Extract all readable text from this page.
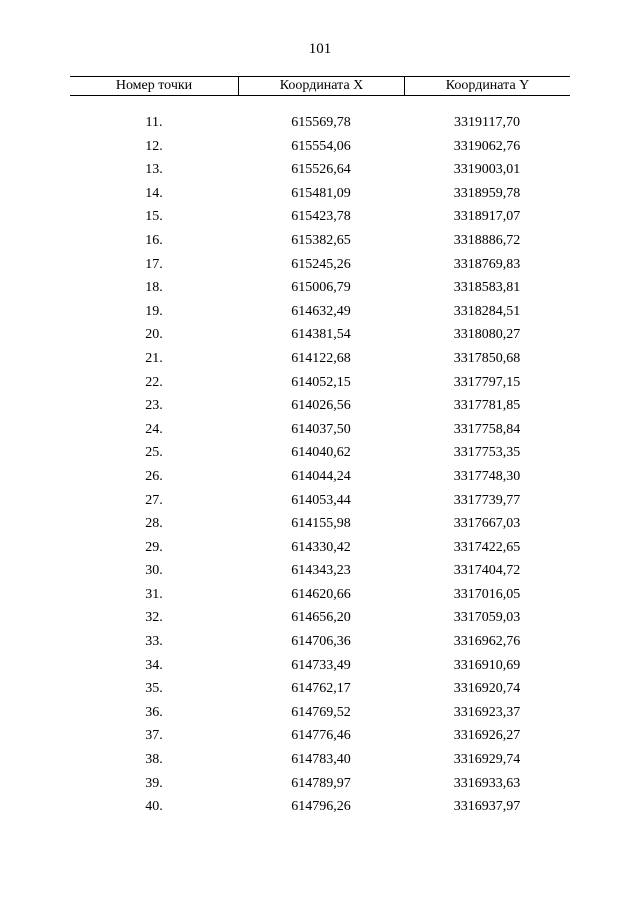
101
Номер точки	Координата X	Координата Y
11.	615569,78	3319117,70
12.	615554,06	3319062,76
13.	615526,64	3319003,01
14.	615481,09	3318959,78
15.	615423,78	3318917,07
16.	615382,65	3318886,72
17.	615245,26	3318769,83
18.	615006,79	3318583,81
19.	614632,49	3318284,51
20.	614381,54	3318080,27
21.	614122,68	3317850,68
22.	614052,15	3317797,15
23.	614026,56	3317781,85
24.	614037,50	3317758,84
25.	614040,62	3317753,35
26.	614044,24	3317748,30
27.	614053,44	3317739,77
28.	614155,98	3317667,03
29.	614330,42	3317422,65
30.	614343,23	3317404,72
31.	614620,66	3317016,05
32.	614656,20	3317059,03
33.	614706,36	3316962,76
34.	614733,49	3316910,69
35.	614762,17	3316920,74
36.	614769,52	3316923,37
37.	614776,46	3316926,27
38.	614783,40	3316929,74
39.	614789,97	3316933,63
40.	614796,26	3316937,97
